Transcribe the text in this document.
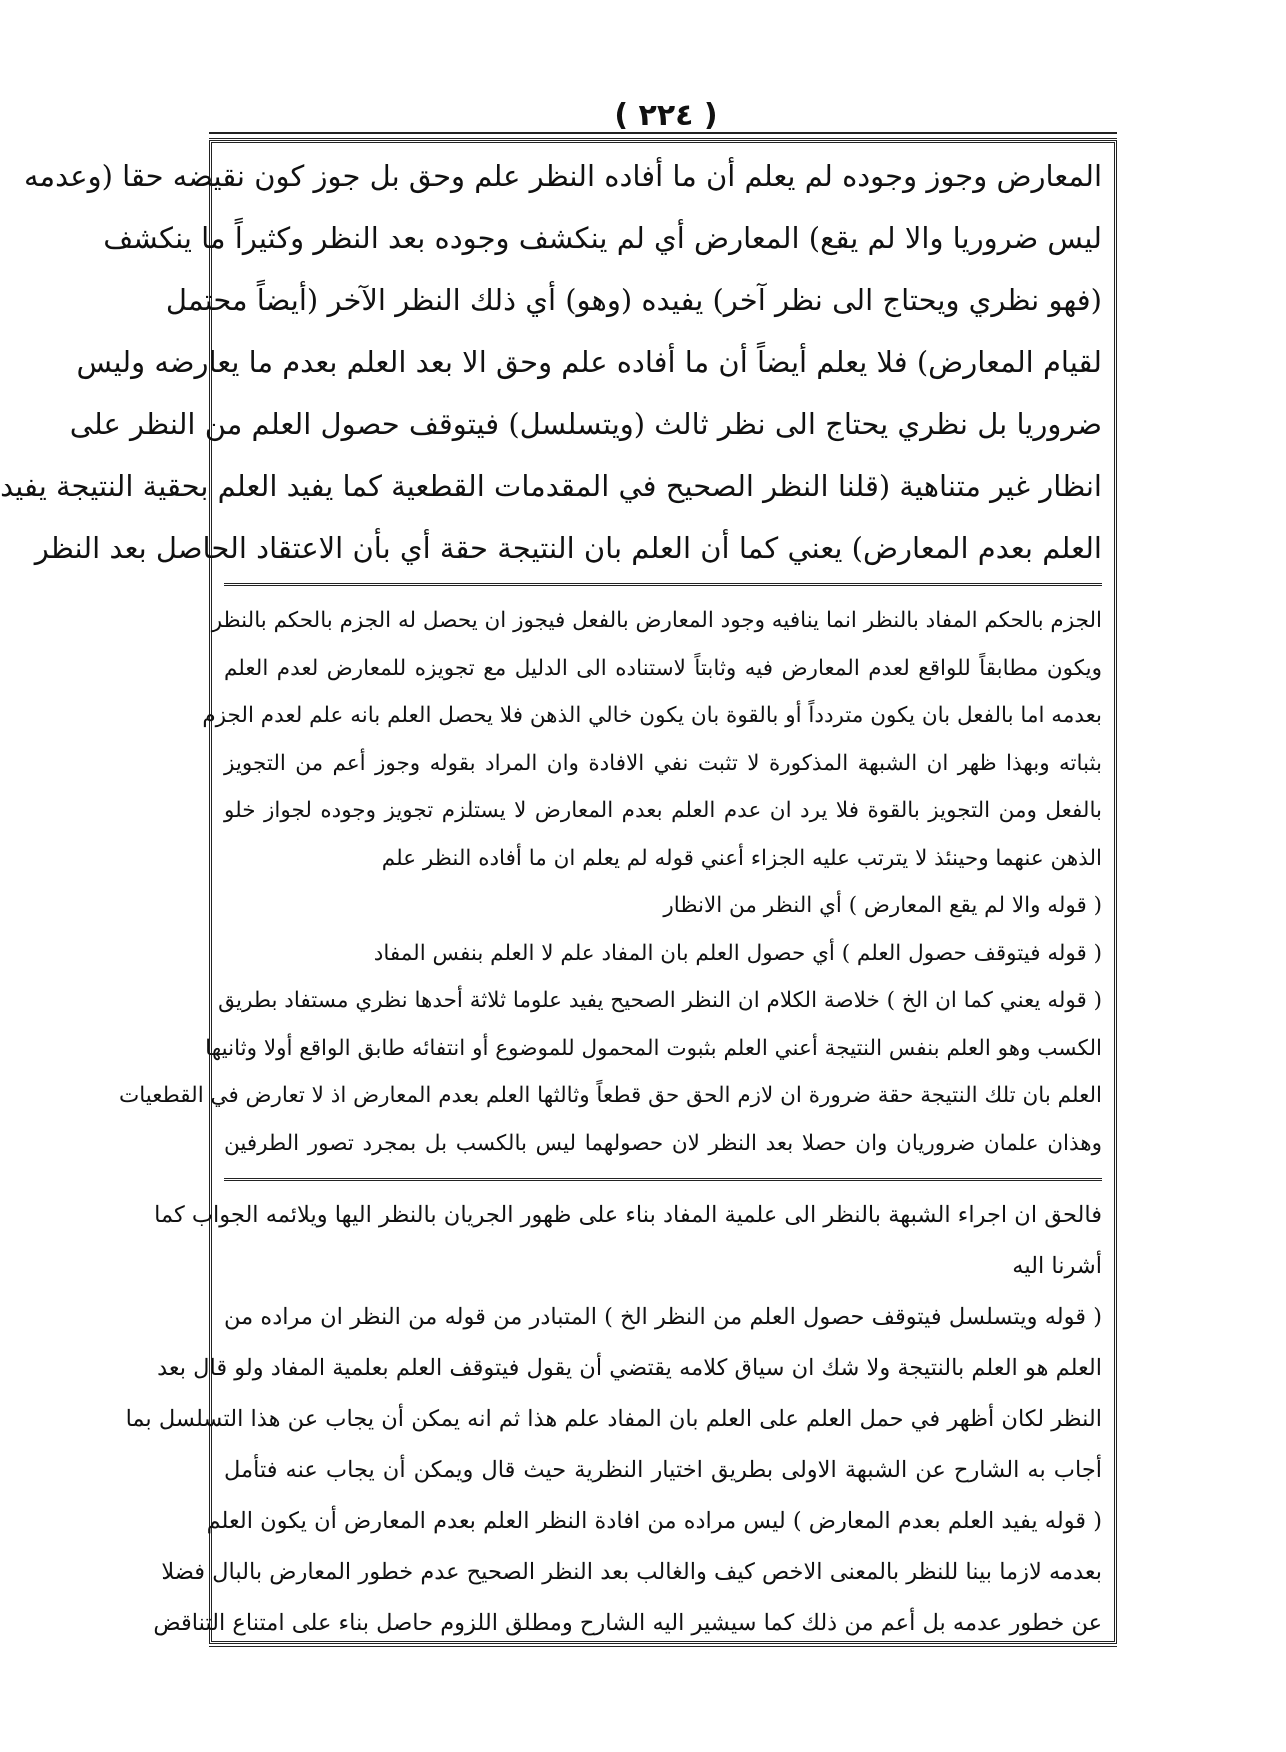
( ٢٢٤ )
المعارض وجوز وجوده لم يعلم أن ما أفاده النظر علم وحق بل جوز كون نقيضه حقا (وعدمه
ليس ضروريا والا لم يقع) المعارض أي لم ينكشف وجوده بعد النظر وكثيراً ما ينكشف
(فهو نظري ويحتاج الى نظر آخر) يفيده (وهو) أي ذلك النظر الآخر (أيضاً محتمل
لقيام المعارض) فلا يعلم أيضاً أن ما أفاده علم وحق الا بعد العلم بعدم ما يعارضه وليس
ضروريا بل نظري يحتاج الى نظر ثالث (ويتسلسل) فيتوقف حصول العلم من النظر على
انظار غير متناهية (قلنا النظر الصحيح في المقدمات القطعية كما يفيد العلم بحقية النتيجة يفيد
العلم بعدم المعارض) يعني كما أن العلم بان النتيجة حقة أي بأن الاعتقاد الحاصل بعد النظر
الجزم بالحكم المفاد بالنظر انما ينافيه وجود المعارض بالفعل فيجوز ان يحصل له الجزم بالحكم بالنظر
ويكون مطابقاً للواقع لعدم المعارض فيه وثابتاً لاستناده الى الدليل مع تجويزه للمعارض لعدم العلم
بعدمه اما بالفعل بان يكون متردداً أو بالقوة بان يكون خالي الذهن فلا يحصل العلم بانه علم لعدم الجزم
بثباته وبهذا ظهر ان الشبهة المذكورة لا تثبت نفي الافادة وان المراد بقوله وجوز أعم من التجويز
بالفعل ومن التجويز بالقوة فلا يرد ان عدم العلم بعدم المعارض لا يستلزم تجويز وجوده لجواز خلو
الذهن عنهما وحينئذ لا يترتب عليه الجزاء أعني قوله لم يعلم ان ما أفاده النظر علم
( قوله والا لم يقع المعارض ) أي النظر من الانظار
( قوله فيتوقف حصول العلم ) أي حصول العلم بان المفاد علم لا العلم بنفس المفاد
( قوله يعني كما ان الخ ) خلاصة الكلام ان النظر الصحيح يفيد علوما ثلاثة أحدها نظري مستفاد بطريق
الكسب وهو العلم بنفس النتيجة أعني العلم بثبوت المحمول للموضوع أو انتفائه طابق الواقع أولا وثانيها
العلم بان تلك النتيجة حقة ضرورة ان لازم الحق حق قطعاً وثالثها العلم بعدم المعارض اذ لا تعارض في القطعيات
وهذان علمان ضروريان وان حصلا بعد النظر لان حصولهما ليس بالكسب بل بمجرد تصور الطرفين
فالحق ان اجراء الشبهة بالنظر الى علمية المفاد بناء على ظهور الجريان بالنظر اليها ويلائمه الجواب كما
أشرنا اليه
( قوله ويتسلسل فيتوقف حصول العلم من النظر الخ ) المتبادر من قوله من النظر ان مراده من
العلم هو العلم بالنتيجة ولا شك ان سياق كلامه يقتضي أن يقول فيتوقف العلم بعلمية المفاد ولو قال بعد
النظر لكان أظهر في حمل العلم على العلم بان المفاد علم هذا ثم انه يمكن أن يجاب عن هذا التسلسل بما
أجاب به الشارح عن الشبهة الاولى بطريق اختيار النظرية حيث قال ويمكن أن يجاب عنه فتأمل
( قوله يفيد العلم بعدم المعارض ) ليس مراده من افادة النظر العلم بعدم المعارض أن يكون العلم
بعدمه لازما بينا للنظر بالمعنى الاخص كيف والغالب بعد النظر الصحيح عدم خطور المعارض بالبال فضلا
عن خطور عدمه بل أعم من ذلك كما سيشير اليه الشارح ومطلق اللزوم حاصل بناء على امتناع التناقض
